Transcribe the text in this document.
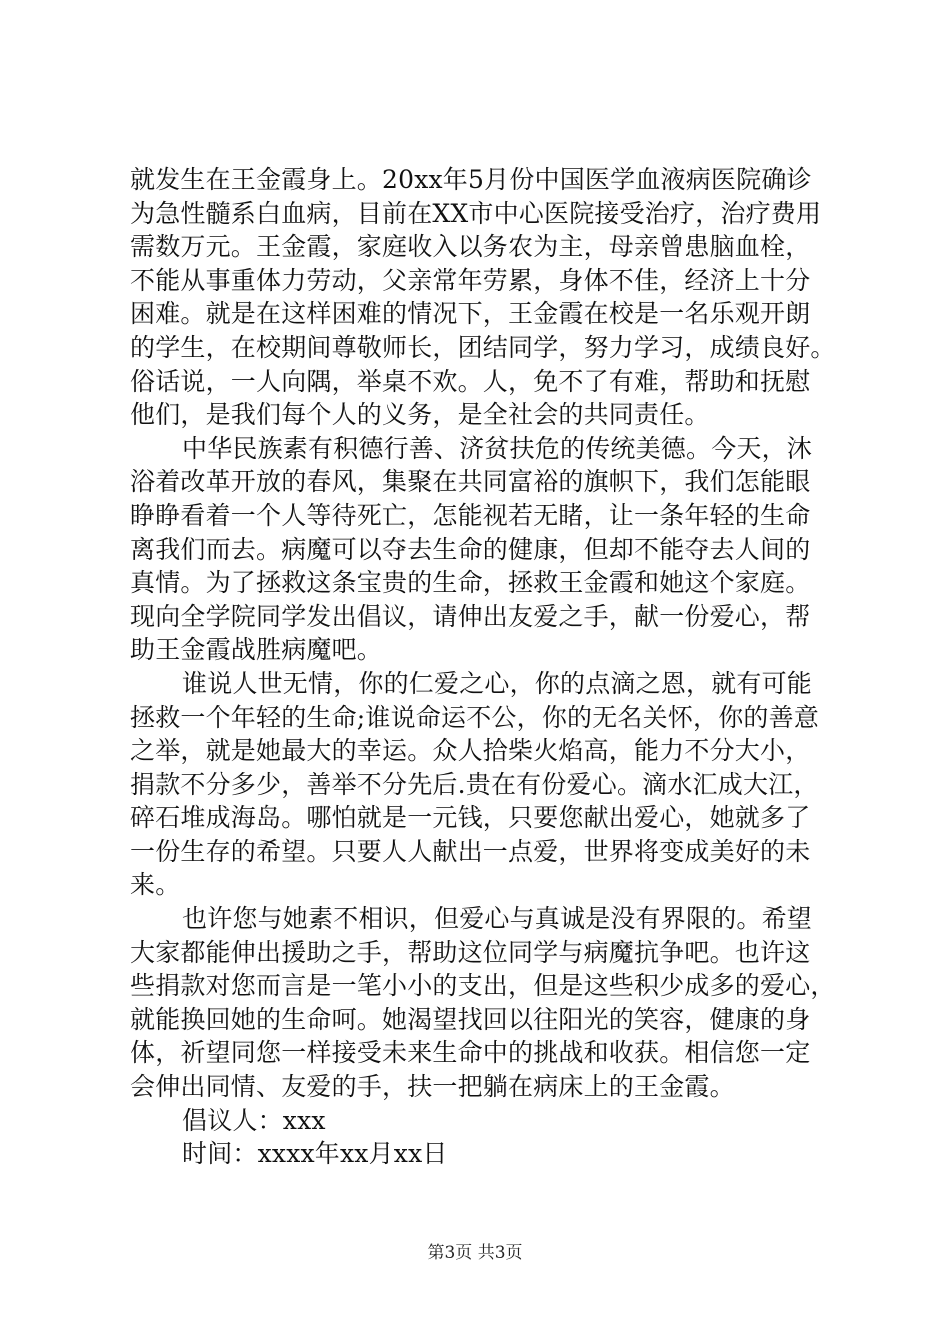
就发生在王金霞身上。20xx年5月份中国医学血液病医院确诊
为急性髓系白血病，目前在XX市中心医院接受治疗，治疗费用
需数万元。王金霞，家庭收入以务农为主，母亲曾患脑血栓，
不能从事重体力劳动，父亲常年劳累，身体不佳，经济上十分
困难。就是在这样困难的情况下，王金霞在校是一名乐观开朗
的学生，在校期间尊敬师长，团结同学，努力学习，成绩良好。
俗话说，一人向隅，举桌不欢。人，免不了有难，帮助和抚慰
他们，是我们每个人的义务，是全社会的共同责任。
中华民族素有积德行善、济贫扶危的传统美德。今天，沐
浴着改革开放的春风，集聚在共同富裕的旗帜下，我们怎能眼
睁睁看着一个人等待死亡，怎能视若无睹，让一条年轻的生命
离我们而去。病魔可以夺去生命的健康，但却不能夺去人间的
真情。为了拯救这条宝贵的生命，拯救王金霞和她这个家庭。
现向全学院同学发出倡议，请伸出友爱之手，献一份爱心，帮
助王金霞战胜病魔吧。
谁说人世无情，你的仁爱之心，你的点滴之恩，就有可能
拯救一个年轻的生命;谁说命运不公，你的无名关怀，你的善意
之举，就是她最大的幸运。众人拾柴火焰高，能力不分大小，
捐款不分多少，善举不分先后.贵在有份爱心。滴水汇成大江，
碎石堆成海岛。哪怕就是一元钱，只要您献出爱心，她就多了
一份生存的希望。只要人人献出一点爱，世界将变成美好的未
来。
也许您与她素不相识，但爱心与真诚是没有界限的。希望
大家都能伸出援助之手，帮助这位同学与病魔抗争吧。也许这
些捐款对您而言是一笔小小的支出，但是这些积少成多的爱心，
就能换回她的生命呵。她渴望找回以往阳光的笑容，健康的身
体，祈望同您一样接受未来生命中的挑战和收获。相信您一定
会伸出同情、友爱的手，扶一把躺在病床上的王金霞。
倡议人：xxx
时间：xxxx年xx月xx日
第3页 共3页
